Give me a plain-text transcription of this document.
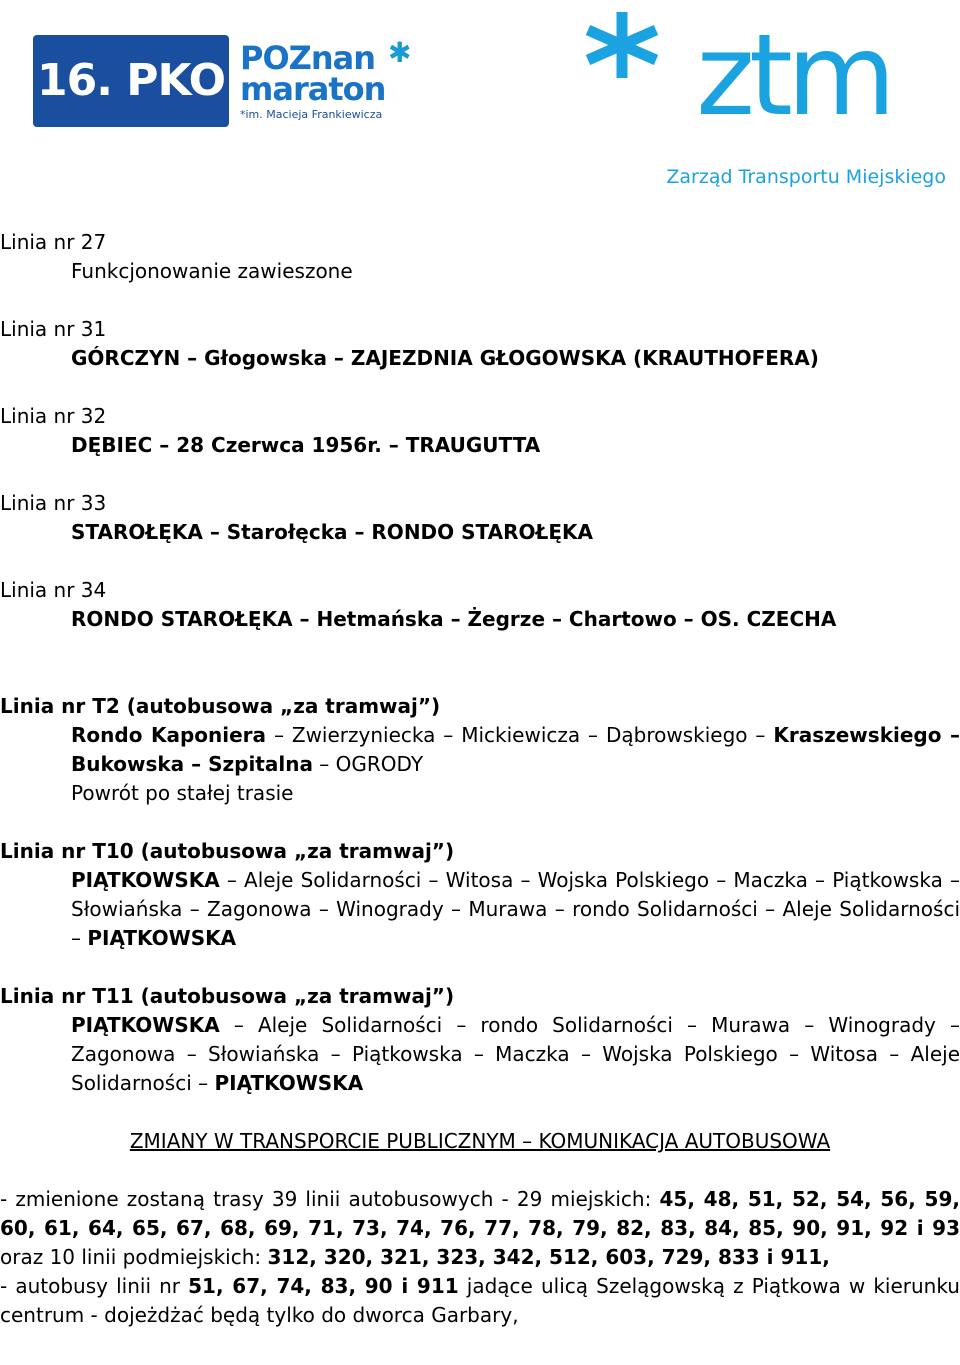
16. PKO POZnan
maraton
*im. Macieja Frankiewicza
✱	ztm
Zarząd Transportu Miejskiego
Linia nr 27
Funkcjonowanie zawieszone
Linia nr 31
GÓRCZYN – Głogowska – ZAJEZDNIA GŁOGOWSKA (KRAUTHOFERA)
Linia nr 32
DĘBIEC – 28 Czerwca 1956r. – TRAUGUTTA
Linia nr 33
STAROŁĘKA – Starołęcka – RONDO STAROŁĘKA
Linia nr 34
RONDO STAROŁĘKA – Hetmańska – Żegrze – Chartowo – OS. CZECHA
Linia nr T2 (autobusowa „za tramwaj”)
Rondo Kaponiera – Zwierzyniecka – Mickiewicza – Dąbrowskiego – Kraszewskiego – Bukowska – Szpitalna – OGRODY
Powrót po stałej trasie
Linia nr T10 (autobusowa „za tramwaj”)
PIĄTKOWSKA – Aleje Solidarności – Witosa – Wojska Polskiego – Maczka – Piątkowska – Słowiańska – Zagonowa – Winogrady – Murawa – rondo Solidarności – Aleje Solidarności – PIĄTKOWSKA
Linia nr T11 (autobusowa „za tramwaj”)
PIĄTKOWSKA – Aleje Solidarności – rondo Solidarności – Murawa – Winogrady – Zagonowa – Słowiańska – Piątkowska – Maczka – Wojska Polskiego – Witosa – Aleje Solidarności – PIĄTKOWSKA
ZMIANY W TRANSPORCIE PUBLICZNYM – KOMUNIKACJA AUTOBUSOWA

- zmienione zostaną trasy 39 linii autobusowych - 29 miejskich: 45, 48, 51, 52, 54, 56, 59, 60, 61, 64, 65, 67, 68, 69, 71, 73, 74, 76, 77, 78, 79, 82, 83, 84, 85, 90, 91, 92 i 93 oraz 10 linii podmiejskich: 312, 320, 321, 323, 342, 512, 603, 729, 833 i 911,

- autobusy linii nr 51, 67, 74, 83, 90 i 911 jadące ulicą Szelągowską z Piątkowa w kierunku centrum - dojeżdżać będą tylko do dworca Garbary,
